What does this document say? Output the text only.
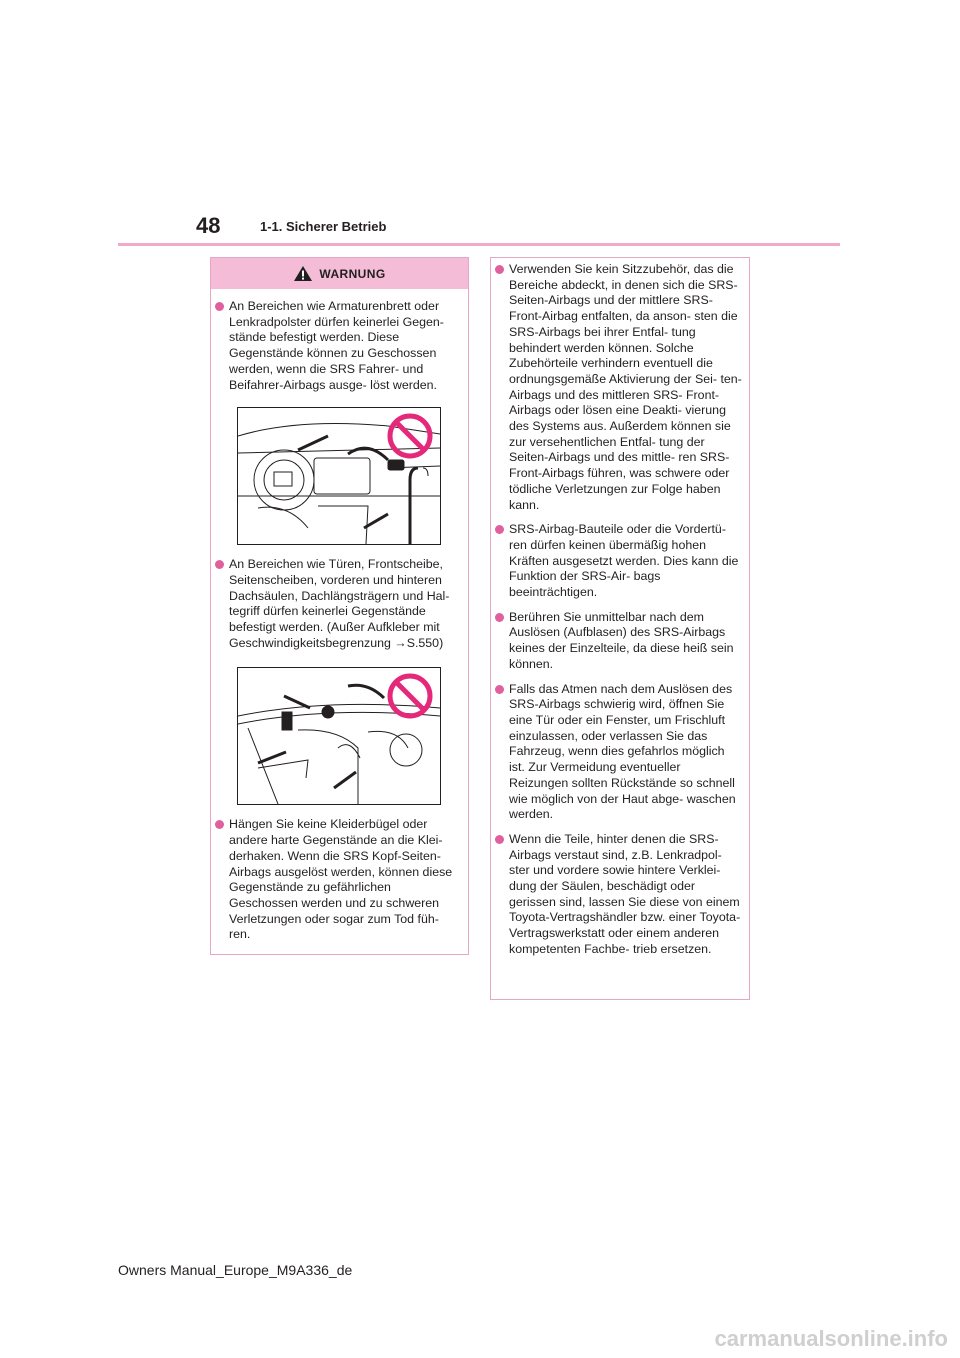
48	1-1. Sicherer Betrieb
WARNUNG
An Bereichen wie Armaturenbrett oder Lenkradpolster dürfen keinerlei Gegen- stände befestigt werden. Diese Gegenstände können zu Geschossen werden, wenn die SRS Fahrer- und Beifahrer-Airbags ausge- löst werden.
An Bereichen wie Türen, Frontscheibe, Seitenscheiben, vorderen und hinteren Dachsäulen, Dachlängsträgern und Hal- tegriff dürfen keinerlei Gegenstände befestigt werden. (Außer Aufkleber mit Geschwindigkeitsbegrenzung →S.550)
Hängen Sie keine Kleiderbügel oder andere harte Gegenstände an die Klei- derhaken. Wenn die SRS Kopf-Seiten- Airbags ausgelöst werden, können diese Gegenstände zu gefährlichen Geschossen werden und zu schweren Verletzungen oder sogar zum Tod füh- ren.
Verwenden Sie kein Sitzzubehör, das die Bereiche abdeckt, in denen sich die SRS-Seiten-Airbags und der mittlere SRS-Front-Airbag entfalten, da anson- sten die SRS-Airbags bei ihrer Entfal- tung behindert werden können. Solche Zubehörteile verhindern eventuell die ordnungsgemäße Aktivierung der Sei- ten-Airbags und des mittleren SRS- Front-Airbags oder lösen eine Deakti- vierung des Systems aus. Außerdem können sie zur versehentlichen Entfal- tung der Seiten-Airbags und des mittle- ren SRS-Front-Airbags führen, was schwere oder tödliche Verletzungen zur Folge haben kann.
SRS-Airbag-Bauteile oder die Vordertü- ren dürfen keinen übermäßig hohen Kräften ausgesetzt werden. Dies kann die Funktion der SRS-Air- bags beeinträchtigen.
Berühren Sie unmittelbar nach dem Auslösen (Aufblasen) des SRS-Airbags keines der Einzelteile, da diese heiß sein können.
Falls das Atmen nach dem Auslösen des SRS-Airbags schwierig wird, öffnen Sie eine Tür oder ein Fenster, um Frischluft einzulassen, oder verlassen Sie das Fahrzeug, wenn dies gefahrlos möglich ist. Zur Vermeidung eventueller Reizungen sollten Rückstände so schnell wie möglich von der Haut abge- waschen werden.
Wenn die Teile, hinter denen die SRS- Airbags verstaut sind, z.B. Lenkradpol- ster und vordere sowie hintere Verklei- dung der Säulen, beschädigt oder gerissen sind, lassen Sie diese von einem Toyota-Vertragshändler bzw. einer Toyota-Vertragswerkstatt oder einem anderen kompetenten Fachbe- trieb ersetzen.
Owners Manual_Europe_M9A336_de
carmanualsonline.info
